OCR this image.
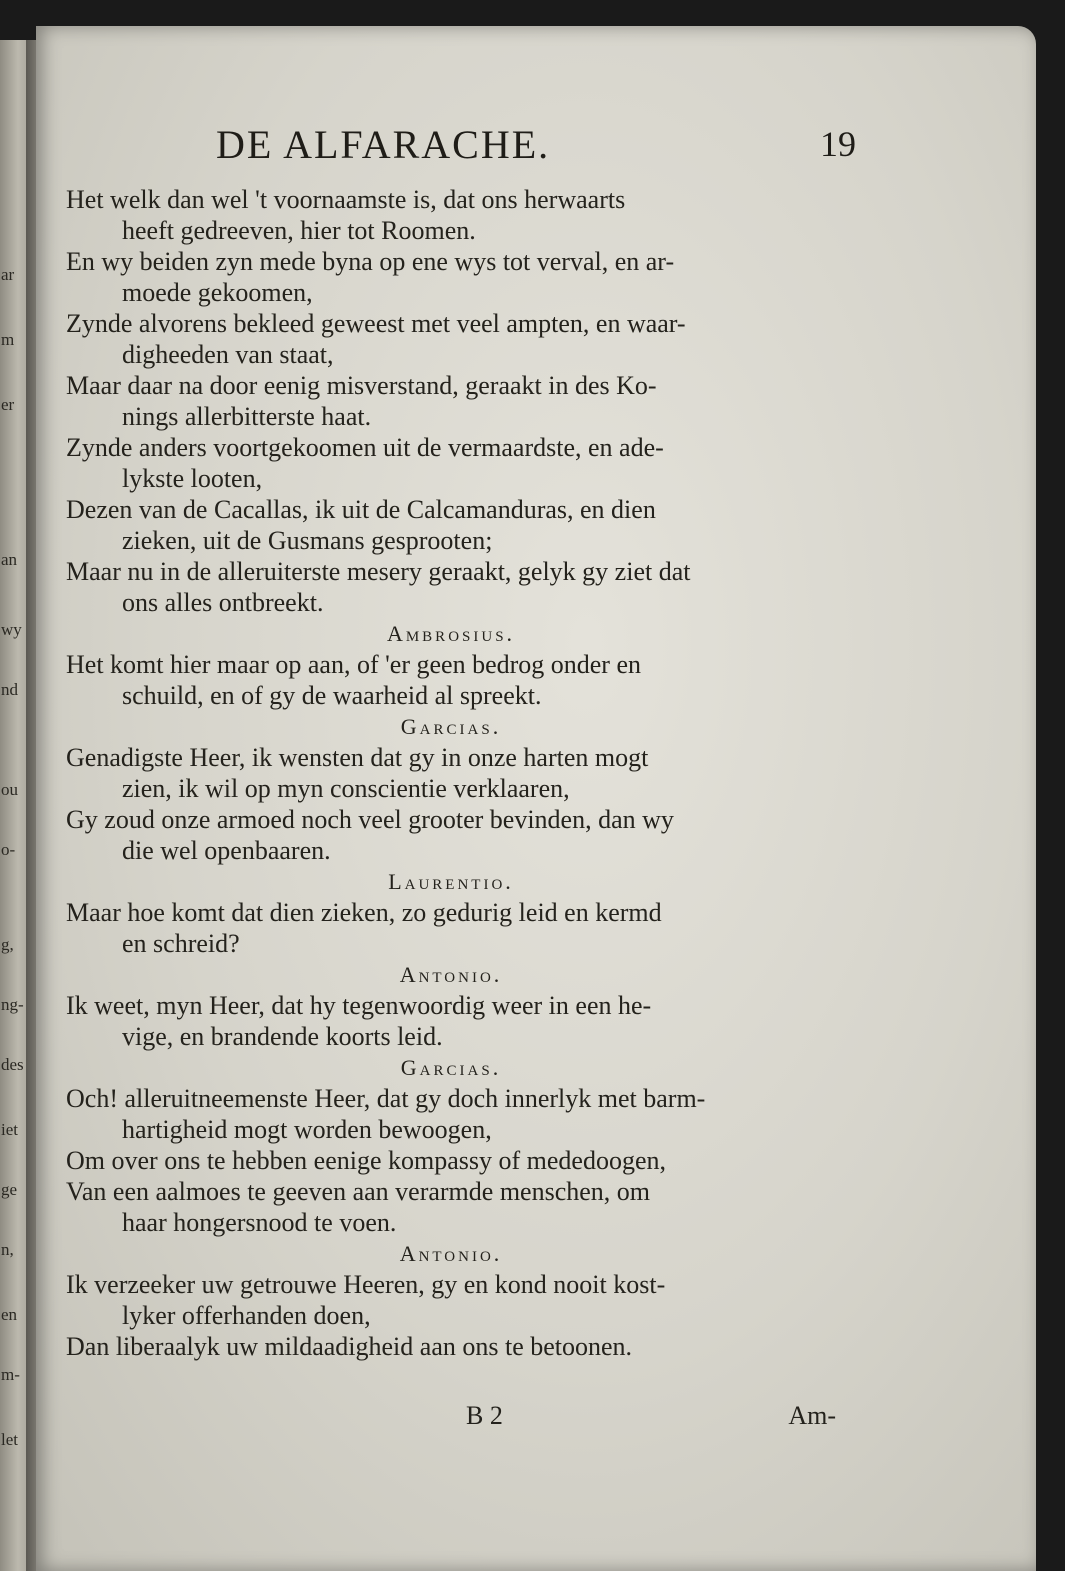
ar
m
er
an
wy
nd
ou
o-
g,
ng-
des
iet
ge
n,
en
m-
let
DE ALFARACHE.	19
Het welk dan wel 't voornaamste is, dat ons herwaarts
heeft gedreeven, hier tot Roomen.
En wy beiden zyn mede byna op ene wys tot verval, en ar-
moede gekoomen,
Zynde alvorens bekleed geweest met veel ampten, en waar-
digheeden van staat,
Maar daar na door eenig misverstand, geraakt in des Ko-
nings allerbitterste haat.
Zynde anders voortgekoomen uit de vermaardste, en ade-
lykste looten,
Dezen van de Cacallas, ik uit de Calcamanduras, en dien
zieken, uit de Gusmans gesprooten;
Maar nu in de alleruiterste mesery geraakt, gelyk gy ziet dat
ons alles ontbreekt.
Ambrosius.
Het komt hier maar op aan, of 'er geen bedrog onder en
schuild, en of gy de waarheid al spreekt.
Garcias.
Genadigste Heer, ik wensten dat gy in onze harten mogt
zien, ik wil op myn conscientie verklaaren,
Gy zoud onze armoed noch veel grooter bevinden, dan wy
die wel openbaaren.
Laurentio.
Maar hoe komt dat dien zieken, zo gedurig leid en kermd
en schreid?
Antonio.
Ik weet, myn Heer, dat hy tegenwoordig weer in een he-
vige, en brandende koorts leid.
Garcias.
Och! alleruitneemenste Heer, dat gy doch innerlyk met barm-
hartigheid mogt worden bewoogen,
Om over ons te hebben eenige kompassy of mededoogen,
Van een aalmoes te geeven aan verarmde menschen, om
haar hongersnood te voen.
Antonio.
Ik verzeeker uw getrouwe Heeren, gy en kond nooit kost-
lyker offerhanden doen,
Dan liberaalyk uw mildaadigheid aan ons te betoonen.
B 2	Am-
